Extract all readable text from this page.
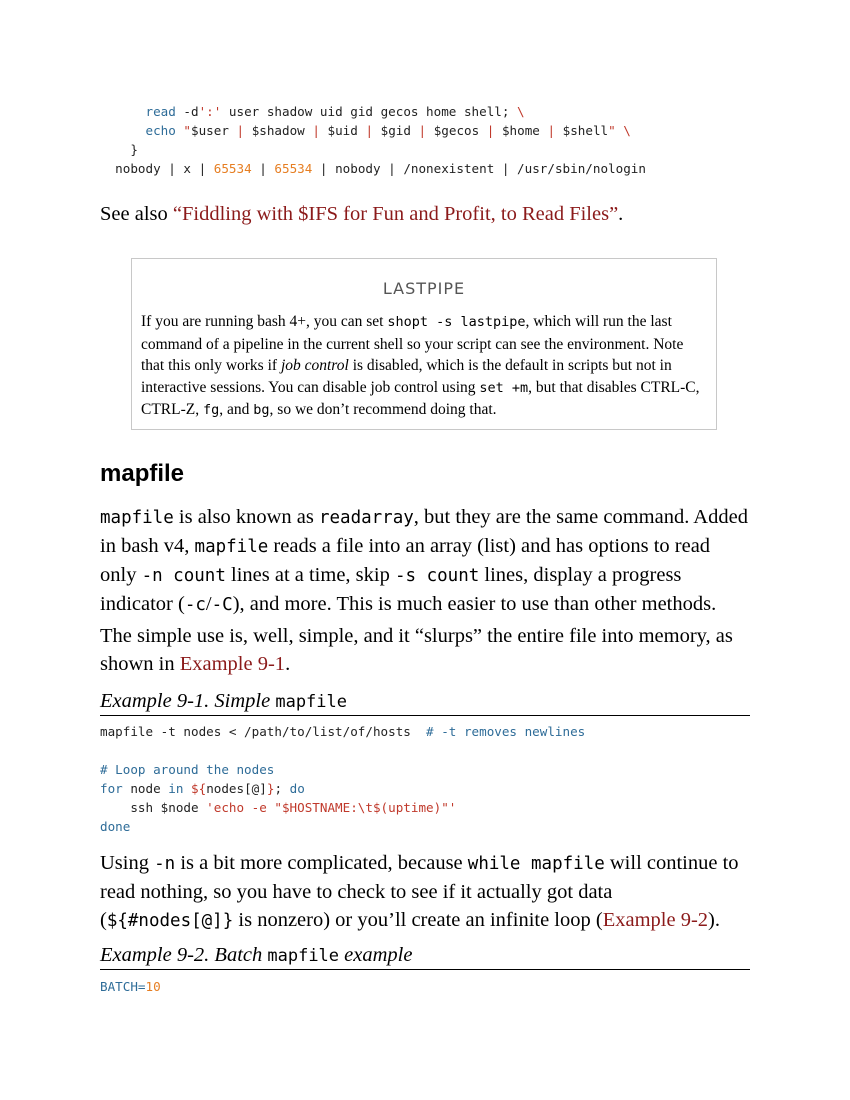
read -d':' user shadow uid gid gecos home shell; \
echo "$user | $shadow | $uid | $gid | $gecos | $home | $shell" \
}
nobody | x | 65534 | 65534 | nobody | /nonexistent | /usr/sbin/nologin

See also “Fiddling with $IFS for Fun and Profit, to Read Files”.

LASTPIPE

If you are running bash 4+, you can set shopt -s lastpipe, which will run the last command of a pipeline in the current shell so your script can see the environment. Note that this only works if job control is disabled, which is the default in scripts but not in interactive sessions. You can disable job control using set +m, but that disables CTRL-C, CTRL-Z, fg, and bg, so we don’t recommend doing that.

mapfile

mapfile is also known as readarray, but they are the same command. Added in bash v4, mapfile reads a file into an array (list) and has options to read only -n count lines at a time, skip -s count lines, display a progress indicator (-c/-C), and more. This is much easier to use than other methods.

The simple use is, well, simple, and it “slurps” the entire file into memory, as shown in Example 9-1.

Example 9-1. Simple mapfile
mapfile -t nodes < /path/to/list/of/hosts  # -t removes newlines

# Loop around the nodes
for node in ${nodes[@]}; do
ssh $node 'echo -e "$HOSTNAME:\t$(uptime)"'
done

Using -n is a bit more complicated, because while mapfile will continue to read nothing, so you have to check to see if it actually got data (${#nodes[@]} is nonzero) or you’ll create an infinite loop (Example 9-2).

Example 9-2. Batch mapfile example
BATCH=10
